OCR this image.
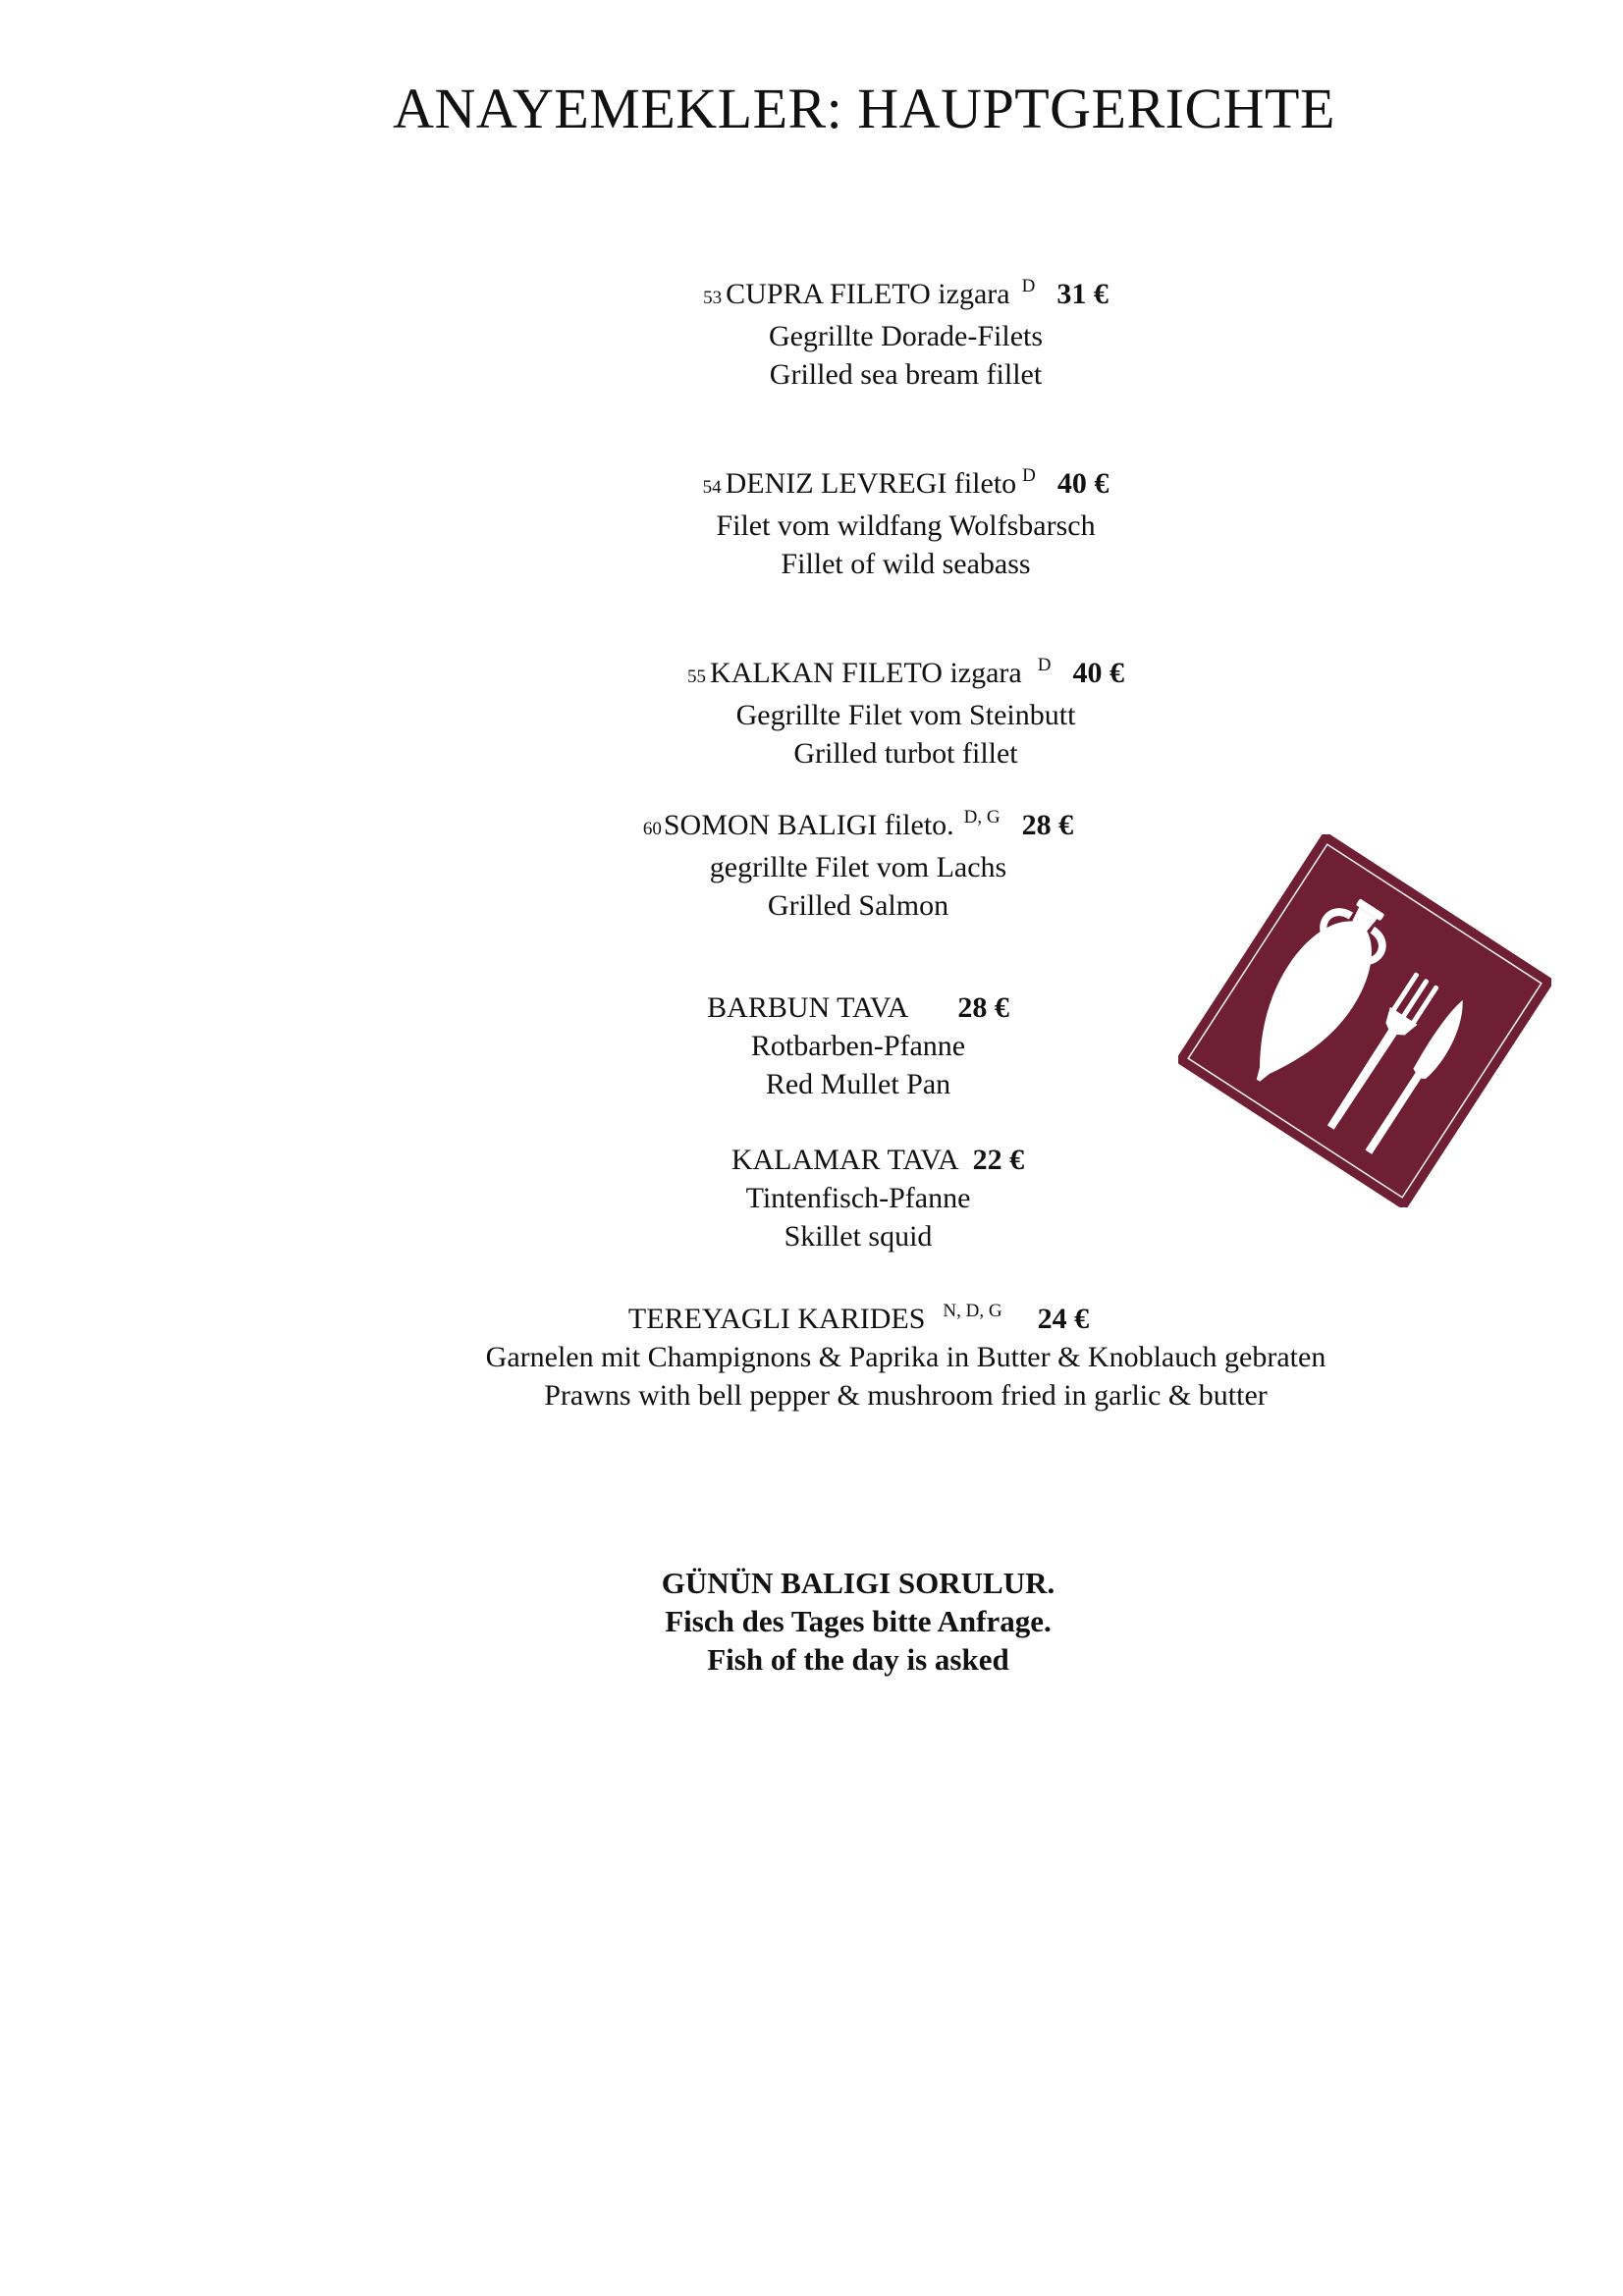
ANAYEMEKLER: HAUPTGERICHTE
53 CUPRA FILETO izgara $^D$ 31 €
Gegrillte Dorade-Filets
Grilled sea bream fillet
54 DENIZ LEVREGI fileto $^D$ 40 €
Filet vom wildfang Wolfsbarsch
Fillet of wild seabass
55 KALKAN FILETO izgara $^D$ 40 €
Gegrillte Filet vom Steinbutt
Grilled turbot fillet
60SOMON BALIGI fileto. $^{D, G}$ 28 €
gegrillte Filet vom Lachs
Grilled Salmon
BARBUN TAVA 28 €
Rotbarben-Pfanne
Red Mullet Pan
KALAMAR TAVA 22 €
Tintenfisch-Pfanne
Skillet squid
TEREYAGLI KARIDES $^{N, D, G}$ 24 €
Garnelen mit Champignons & Paprika in Butter & Knoblauch gebraten
Prawns with bell pepper & mushroom fried in garlic & butter
GÜNÜN BALIGI SORULUR.
Fisch des Tages bitte Anfrage.
Fish of the day is asked
